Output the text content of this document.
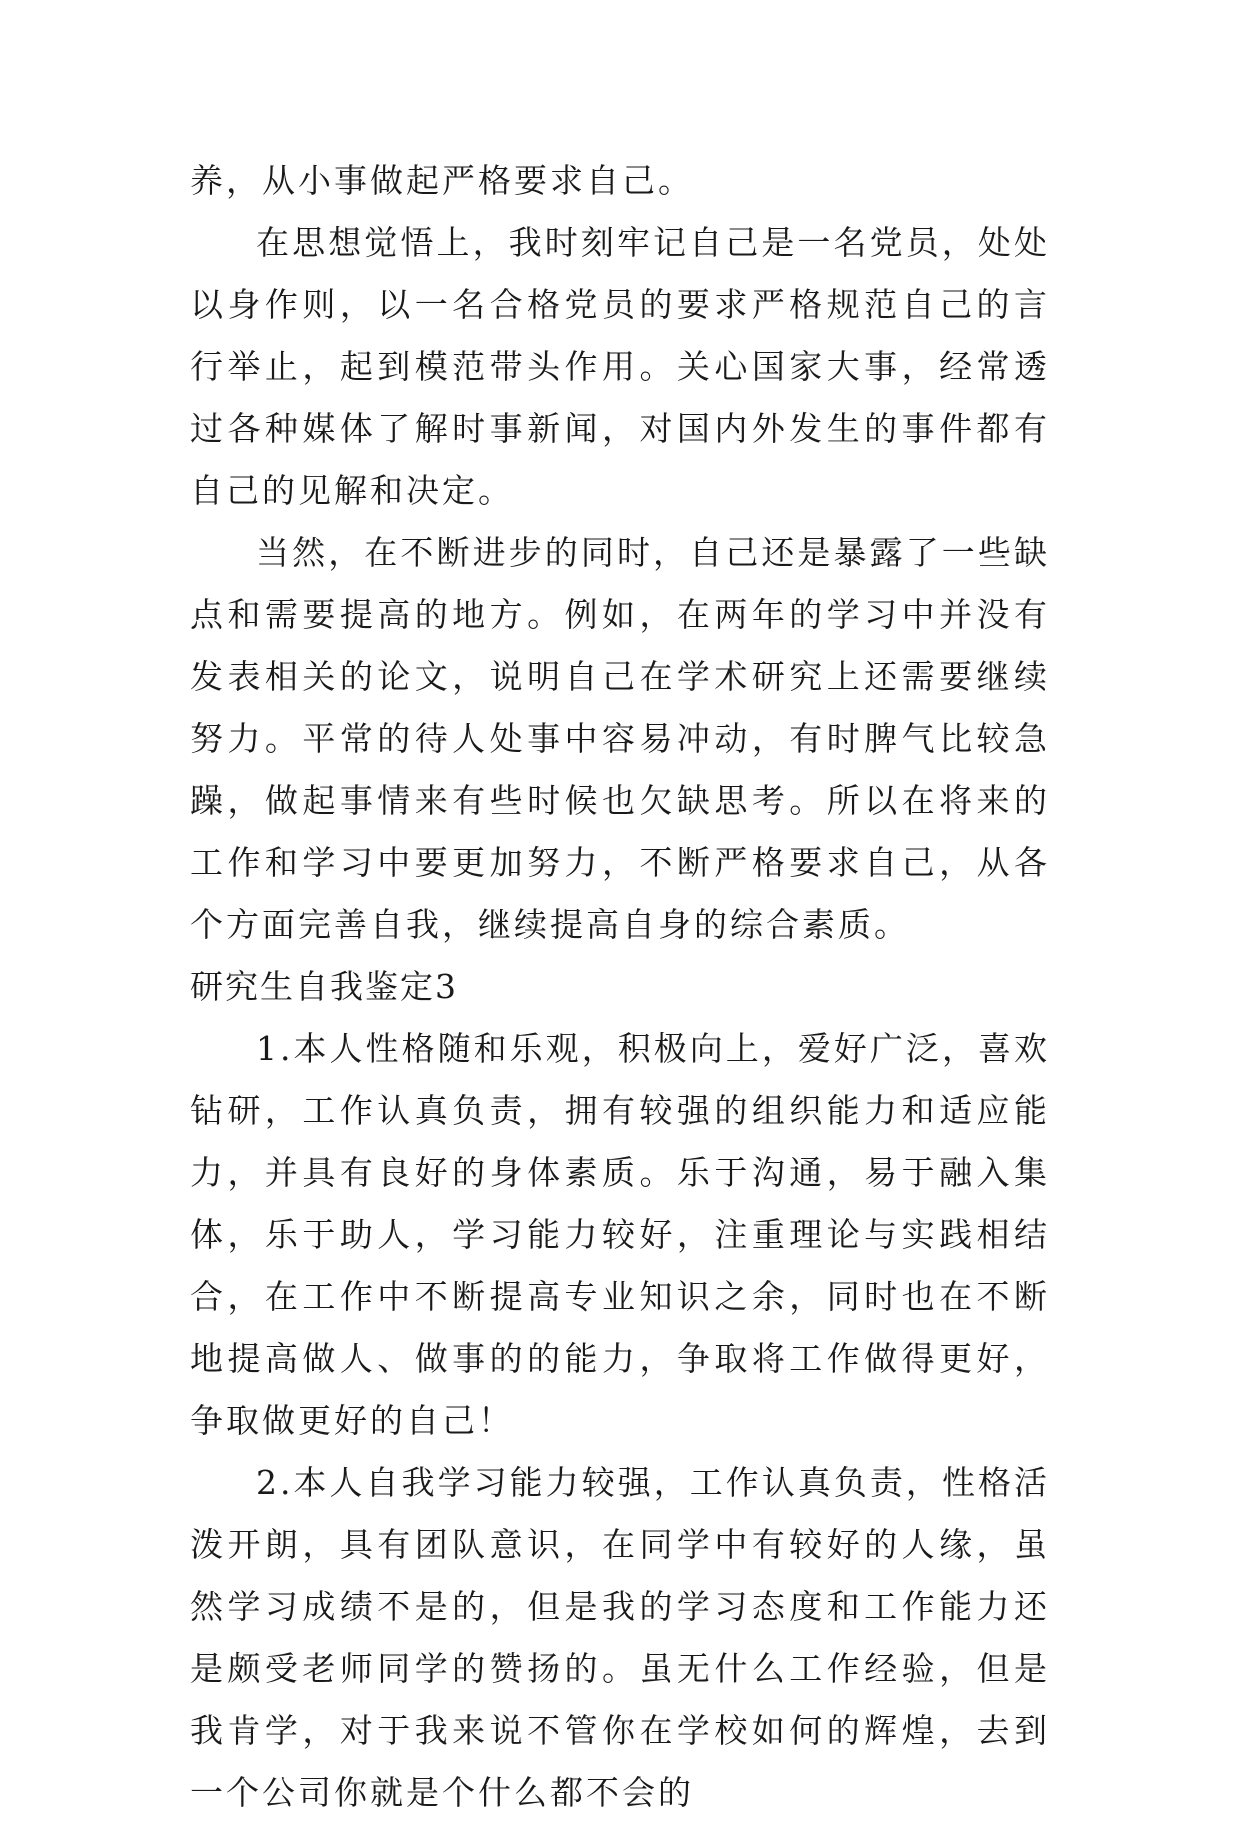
养，从小事做起严格要求自己。

在思想觉悟上，我时刻牢记自己是一名党员，处处以身作则，以一名合格党员的要求严格规范自己的言行举止，起到模范带头作用。关心国家大事，经常透过各种媒体了解时事新闻，对国内外发生的事件都有自己的见解和决定。

当然，在不断进步的同时，自己还是暴露了一些缺点和需要提高的地方。例如，在两年的学习中并没有发表相关的论文，说明自己在学术研究上还需要继续努力。平常的待人处事中容易冲动，有时脾气比较急躁，做起事情来有些时候也欠缺思考。所以在将来的工作和学习中要更加努力，不断严格要求自己，从各个方面完善自我，继续提高自身的综合素质。

研究生自我鉴定3

1.本人性格随和乐观，积极向上，爱好广泛，喜欢钻研，工作认真负责，拥有较强的组织能力和适应能力，并具有良好的身体素质。乐于沟通，易于融入集体，乐于助人，学习能力较好，注重理论与实践相结合，在工作中不断提高专业知识之余，同时也在不断地提高做人、做事的的能力，争取将工作做得更好，争取做更好的自己！

2.本人自我学习能力较强，工作认真负责，性格活泼开朗，具有团队意识，在同学中有较好的人缘，虽然学习成绩不是的，但是我的学习态度和工作能力还是颇受老师同学的赞扬的。虽无什么工作经验，但是我肯学，对于我来说不管你在学校如何的辉煌，去到一个公司你就是个什么都不会的
